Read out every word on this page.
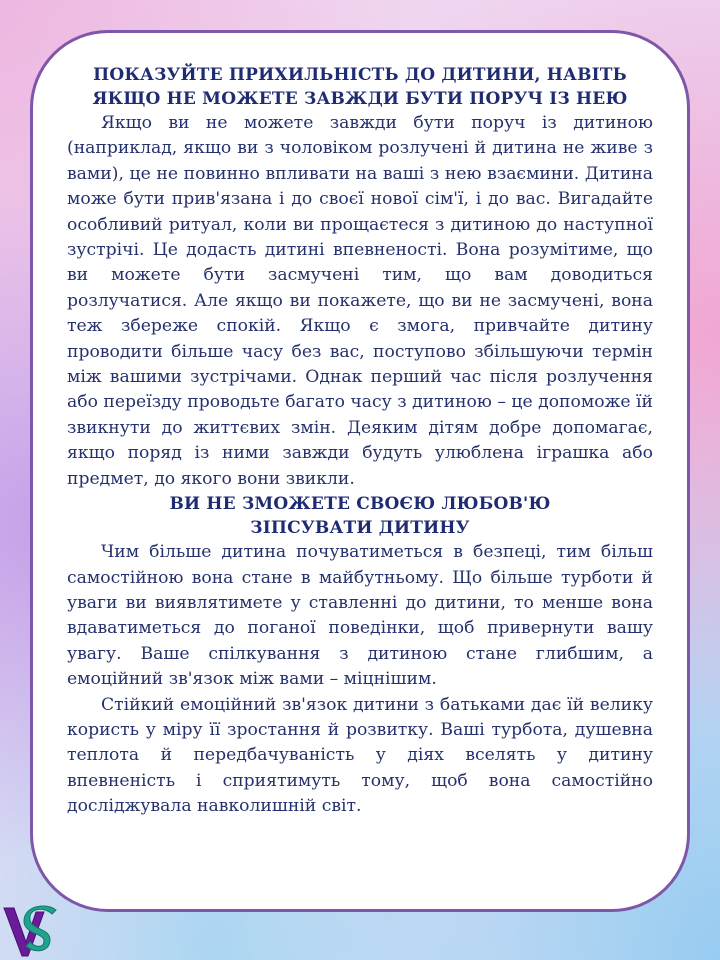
ПОКАЗУЙТЕ ПРИХИЛЬНІСТЬ ДО ДИТИНИ, НАВІТЬ
ЯКЩО НЕ МОЖЕТЕ ЗАВЖДИ БУТИ ПОРУЧ ІЗ НЕЮ

Якщо ви не можете завжди бути поруч із дитиною (наприклад, якщо ви з чоловіком розлучені й дитина не живе з вами), це не повинно впливати на ваші з нею взаємини. Дитина може бути прив'язана і до своєї нової сім'ї, і до вас. Вигадайте особливий ритуал, коли ви прощаєтеся з дитиною до наступної зустрічі. Це додасть дитині впевненості. Вона розумітиме, що ви можете бути засмучені тим, що вам доводиться розлучатися. Але якщо ви покажете, що ви не засмучені, вона теж збереже спокій. Якщо є змога, привчайте дитину проводити більше часу без вас, поступово збільшуючи термін між вашими зустрічами. Однак перший час після розлучення або переїзду проводьте багато часу з дитиною – це допоможе їй звикнути до життєвих змін. Деяким дітям добре допомагає, якщо поряд із ними завжди будуть улюблена іграшка або предмет, до якого вони звикли.

ВИ НЕ ЗМОЖЕТЕ СВОЄЮ ЛЮБОВ'Ю
ЗІПСУВАТИ ДИТИНУ

Чим більше дитина почуватиметься в безпеці, тим більш самостійною вона стане в майбутньому. Що більше турботи й уваги ви виявлятимете у ставленні до дитини, то менше вона вдаватиметься до поганої поведінки, щоб привернути вашу увагу. Ваше спілкування з дитиною стане глибшим, а емоційний зв'язок між вами – міцнішим.

Стійкий емоційний зв'язок дитини з батьками дає їй велику користь у міру її зростання й розвитку. Ваші турбота, душевна теплота й передбачуваність у діях вселять у дитину впевненість і сприятимуть тому, щоб вона самостійно досліджувала навколишній світ.
